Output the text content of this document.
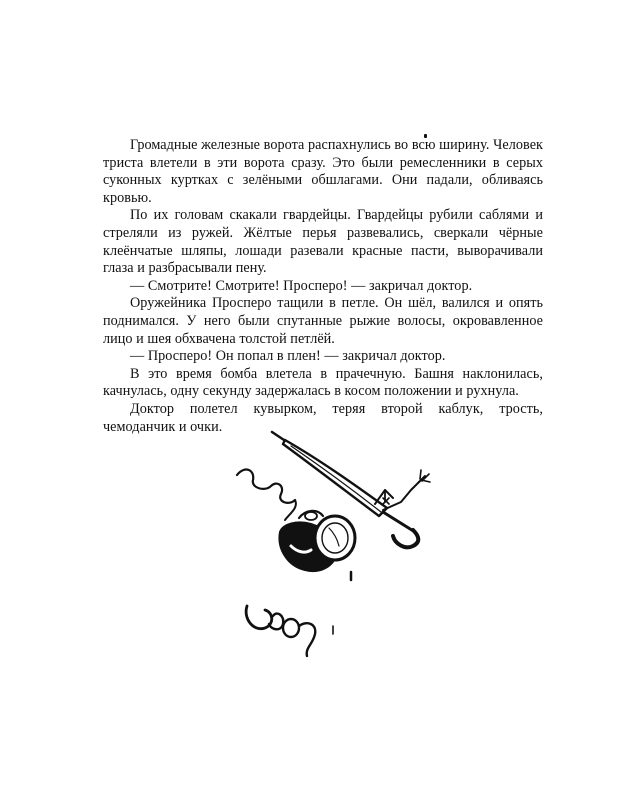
Громадные железные ворота распахнулись во всю ширину. Человек триста влетели в эти ворота сразу. Это были ремесленники в серых суконных куртках с зелёными обшлагами. Они падали, обливаясь кровью.

По их головам скакали гвардейцы. Гвардейцы рубили саблями и стреляли из ружей. Жёлтые перья развевались, сверкали чёрные клеёнчатые шляпы, лошади разевали красные пасти, выворачивали глаза и разбрасывали пену.

— Смотрите! Смотрите! Просперо! — закричал доктор.

Оружейника Просперо тащили в петле. Он шёл, валился и опять поднимался. У него были спутанные рыжие волосы, окровавленное лицо и шея обхвачена толстой петлёй.

— Просперо! Он попал в плен! — закричал доктор.

В это время бомба влетела в прачечную. Башня наклонилась, качнулась, одну секунду задержалась в косом положении и рухнула.

Доктор полетел кувырком, теряя второй каблук, трость, чемоданчик и очки.
